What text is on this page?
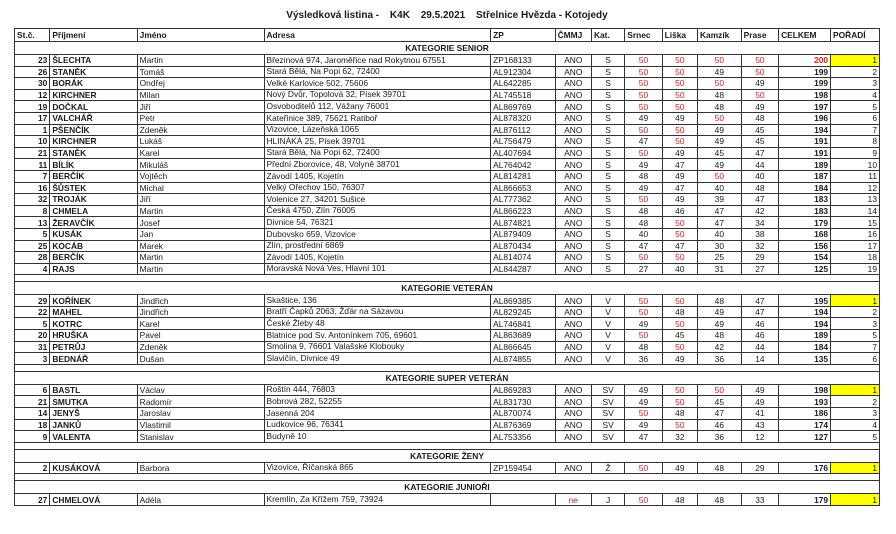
Výsledková listina - K4K 29.5.2021 Střelnice Hvězda - Kotojedy
St.č.	Příjmení	Jméno	Adresa	ZP	ČMMJ	Kat.	Srnec	Liška	Kamzík	Prase	CELKEM	POŘADÍ
KATEGORIE SENIOR												
23	ŠLECHTA	Martin	Březinová 974, Jaroměřice nad Rokytnou 67551	ZP168133	ANO	S	50	50	50	50	200	1
26	STANĚK	Tomáš	Stará Bělá, Na Popi 62, 72400	AL912304	ANO	S	50	50	49	50	199	2
30	BORÁK	Ondřej	Velké Karlovice 502, 75606	AL642285	ANO	S	50	50	50	49	199	3
12	KIRCHNER	Milan	Nový Dvůr, Topolová 32, Písek 39701	AL745518	ANO	S	50	50	48	50	198	4
19	DOČKAL	Jiří	Osvoboditelů 112, Vážany 76001	AL869769	ANO	S	50	50	48	49	197	5
17	VALCHÁŘ	Petr	Kateřinice 389, 75621 Ratiboř	AL878320	ANO	S	49	49	50	48	196	6
1	PŠENČÍK	Zdeněk	Vizovice, Lázeňská 1065	AL876112	ANO	S	50	50	49	45	194	7
10	KIRCHNER	Lukáš	HLINÁKÁ 25, Písek 39701	AL756479	ANO	S	47	50	49	45	191	8
21	STANĚK	Karel	Stará Bělá, Na Popi 62, 72400	AL407694	ANO	S	50	49	45	47	191	9
11	BÍLÍK	Mikuláš	Přední Zborovice, 48, Volyně 38701	AL764042	ANO	S	49	47	49	44	189	10
7	BERČÍK	Vojtěch	Závodí 1405, Kojetín	AL814281	ANO	S	48	49	50	40	187	11
16	ŠŮSTEK	Michal	Velký Ořechov 150, 76307	AL866653	ANO	S	49	47	40	48	184	12
32	TROJÁK	Jiří	Volenice 27, 34201 Sušice	AL777362	ANO	S	50	49	39	47	183	13
8	CHMELA	Martin	Česká 4750, Zlín 76005	AL866223	ANO	S	48	46	47	42	183	14
13	ŽERAVČÍK	Josef	Divnice 54, 76321	AL874821	ANO	S	48	50	47	34	179	15
5	KUSÁK	Jan	Dubovsko 659, Vizovice	AL879409	ANO	S	40	50	40	38	168	16
25	KOCÁB	Marek	Zlín, prostřední 6869	AL870434	ANO	S	47	47	30	32	156	17
28	BERČÍK	Martin	Závodí 1405, Kojetín	AL814074	ANO	S	50	50	25	29	154	18
4	RAJS	Martin	Moravská Nová Ves, Hlavní 101	AL844287	ANO	S	27	40	31	27	125	19

KATEGORIE VETERÁN												
29	KOŘÍNEK	Jindřich	Skaštice, 136	AL869385	ANO	V	50	50	48	47	195	1
22	MAHEL	Jindřich	Bratří Čapků 2063, Žďár na Sázavou	AL829245	ANO	V	50	48	49	47	194	2
5	KOTRC	Karel	České Žleby 48	AL746841	ANO	V	49	50	49	46	194	3
20	HRUŠKA	Pavel	Blatnice pod Sv. Antonínkem 705, 69601	AL863689	ANO	V	50	45	48	46	189	5
31	PETRŮJ	Zdeněk	Smolina 9, 76601 Valašské Klobouky	AL866645	ANO	V	48	50	42	44	184	7
3	BEDNÁŘ	Dušan	Slavičín, Divnice 49	AL874855	ANO	V	36	49	36	14	135	6

KATEGORIE SUPER VETERÁN												
6	BASTL	Václav	Roštín 444, 76803	AL869283	ANO	SV	49	50	50	49	198	1
21	SMUTKA	Radomír	Bobrová 282, 52255	AL831730	ANO	SV	49	50	45	49	193	2
14	JENYŠ	Jaroslav	Jasenná 204	AL870074	ANO	SV	50	48	47	41	186	3
18	JANKŮ	Vlastimil	Ludkovice 96, 76341	AL876369	ANO	SV	49	50	46	43	174	4
9	VALENTA	Stanislav	Budyně 10	AL753356	ANO	SV	47	32	36	12	127	5

KATEGORIE ŽENY												
2	KUSÁKOVÁ	Barbora	Vizovice, Říčanská 865	ZP159454	ANO	Ž	50	49	48	29	176	1

KATEGORIE JUNIOŘI												
27	CHMELOVÁ	Adéla	Kremlín, Za Křížem 759, 73924		ne	J	50	48	48	33	179	1
